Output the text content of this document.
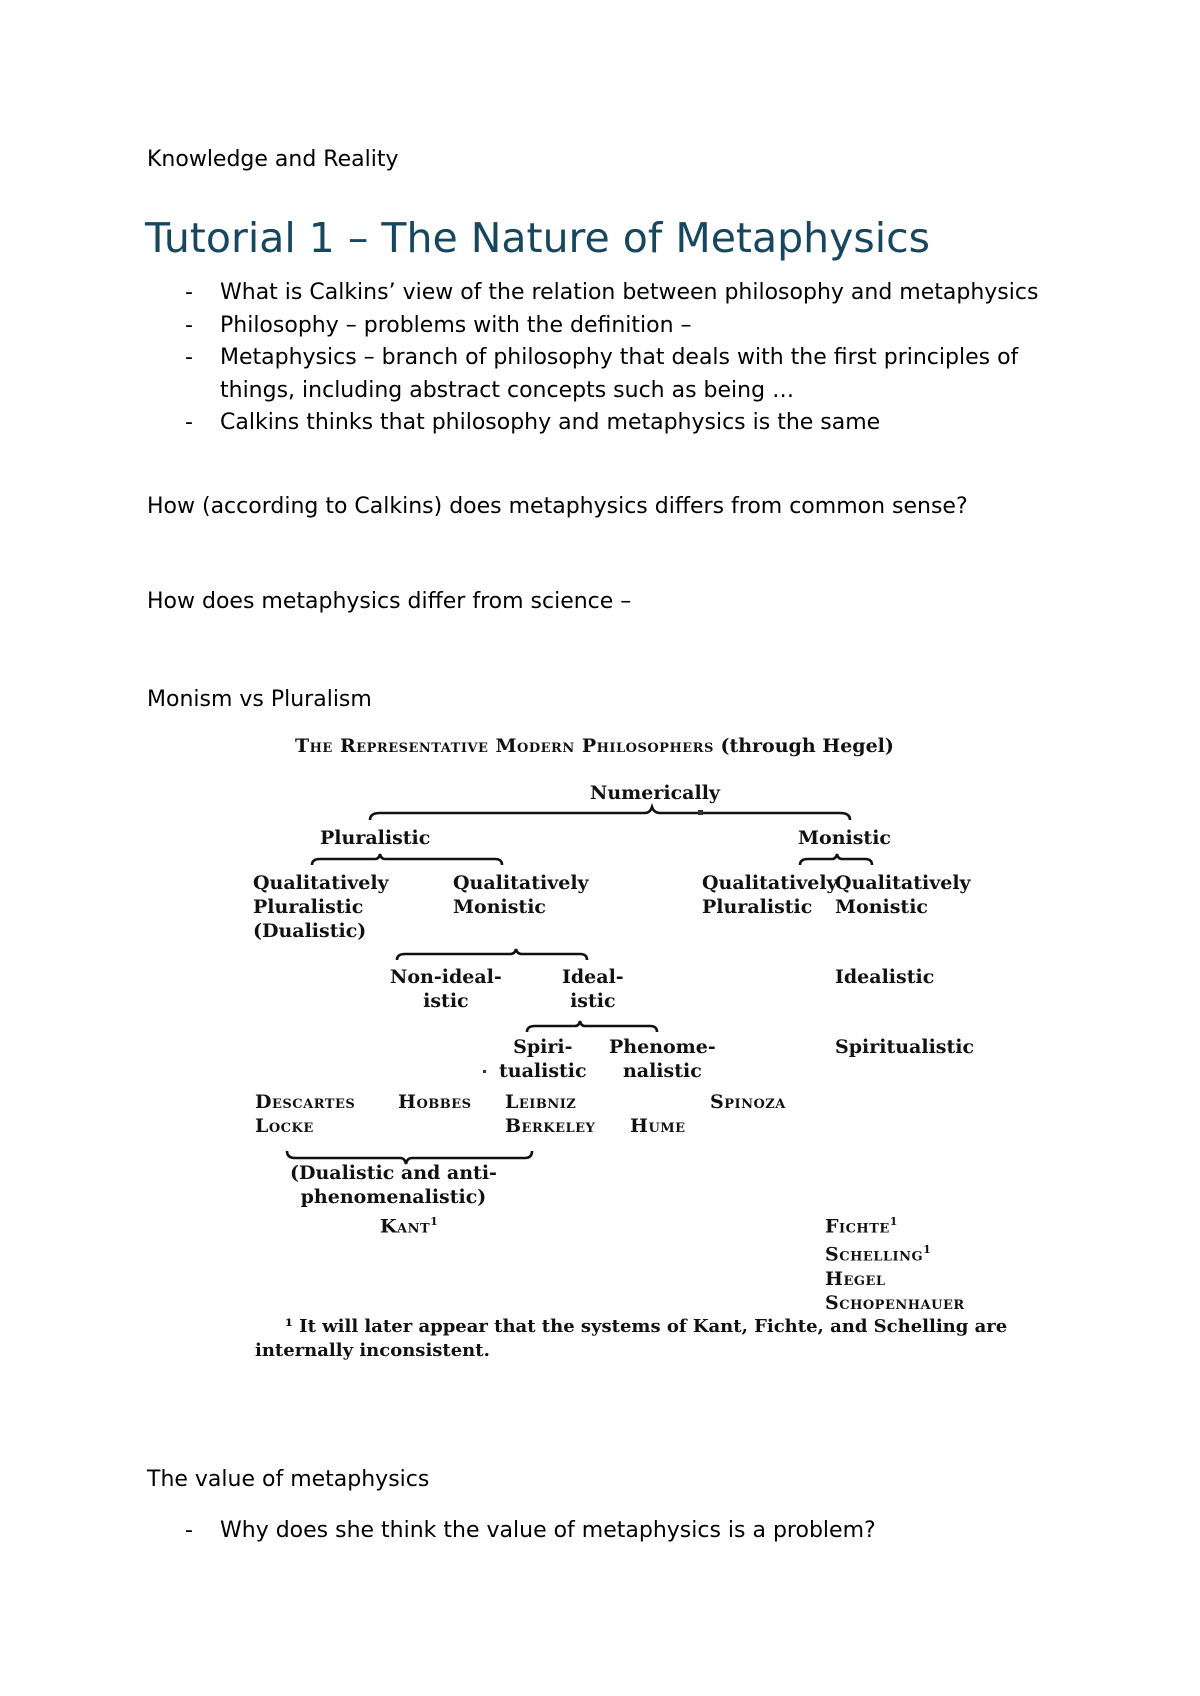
Knowledge and Reality
Tutorial 1 – The Nature of Metaphysics
- What is Calkins’ view of the relation between philosophy and metaphysics
- Philosophy – problems with the definition –
- Metaphysics – branch of philosophy that deals with the first principles of things, including abstract concepts such as being …
- Calkins thinks that philosophy and metaphysics is the same
How (according to Calkins) does metaphysics differs from common sense?
How does metaphysics differ from science –
Monism vs Pluralism
The Representative Modern Philosophers (through Hegel)
Numerically
Pluralistic	Monistic
Qualitatively
Pluralistic
(Dualistic)
Qualitatively
Monistic
Qualitatively
Pluralistic
Qualitatively
Monistic
Non-ideal-
istic
Ideal-
istic
Idealistic
Spiri-
tualistic
Phenome-
nalistic
Spiritualistic
Descartes
Locke
Hobbes Leibniz
Berkeley Hume
Spinoza
(Dualistic and anti-
phenomenalistic)
Kant$^1$	Fichte$^1$
Schelling$^1$
Hegel
Schopenhauer
¹ It will later appear that the systems of Kant, Fichte, and Schelling are
internally inconsistent.
The value of metaphysics
- Why does she think the value of metaphysics is a problem?
